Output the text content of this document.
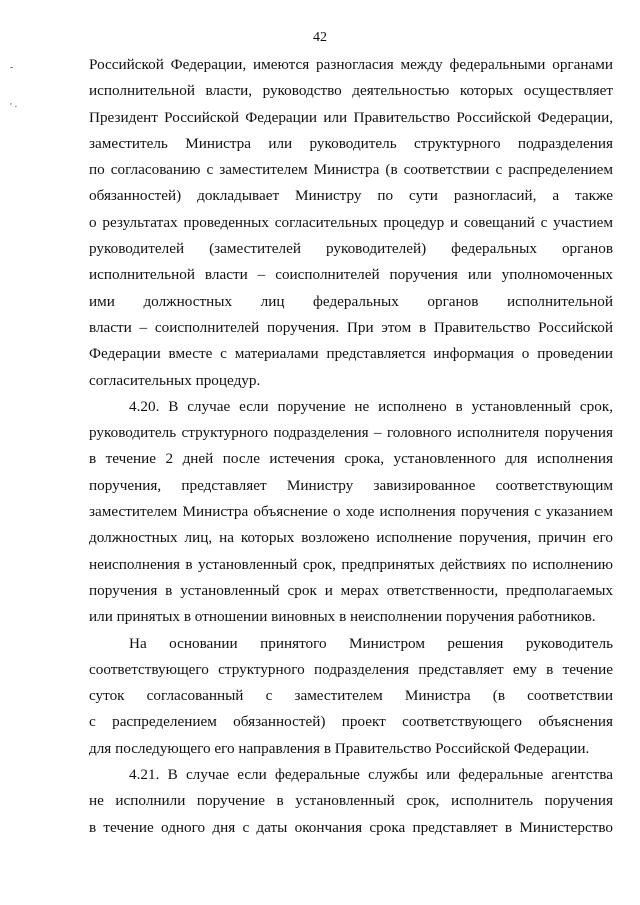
42
-
' ·
Российской Федерации, имеются разногласия между федеральными органами
исполнительной власти, руководство деятельностью которых осуществляет
Президент Российской Федерации или Правительство Российской Федерации,
заместитель Министра или руководитель структурного подразделения
по согласованию с заместителем Министра (в соответствии с распределением
обязанностей) докладывает Министру по сути разногласий, а также
о результатах проведенных согласительных процедур и совещаний с участием
руководителей (заместителей руководителей) федеральных органов
исполнительной власти – соисполнителей поручения или уполномоченных
ими должностных лиц федеральных органов исполнительной
власти – соисполнителей поручения. При этом в Правительство Российской
Федерации вместе с материалами представляется информация о проведении
согласительных процедур.
4.20. В случае если поручение не исполнено в установленный срок,
руководитель структурного подразделения – головного исполнителя поручения
в течение 2 дней после истечения срока, установленного для исполнения
поручения, представляет Министру завизированное соответствующим
заместителем Министра объяснение о ходе исполнения поручения с указанием
должностных лиц, на которых возложено исполнение поручения, причин его
неисполнения в установленный срок, предпринятых действиях по исполнению
поручения в установленный срок и мерах ответственности, предполагаемых
или принятых в отношении виновных в неисполнении поручения работников.
На основании принятого Министром решения руководитель
соответствующего структурного подразделения представляет ему в течение
суток согласованный с заместителем Министра (в соответствии
с распределением обязанностей) проект соответствующего объяснения
для последующего его направления в Правительство Российской Федерации.
4.21. В случае если федеральные службы или федеральные агентства
не исполнили поручение в установленный срок, исполнитель поручения
в течение одного дня с даты окончания срока представляет в Министерство
